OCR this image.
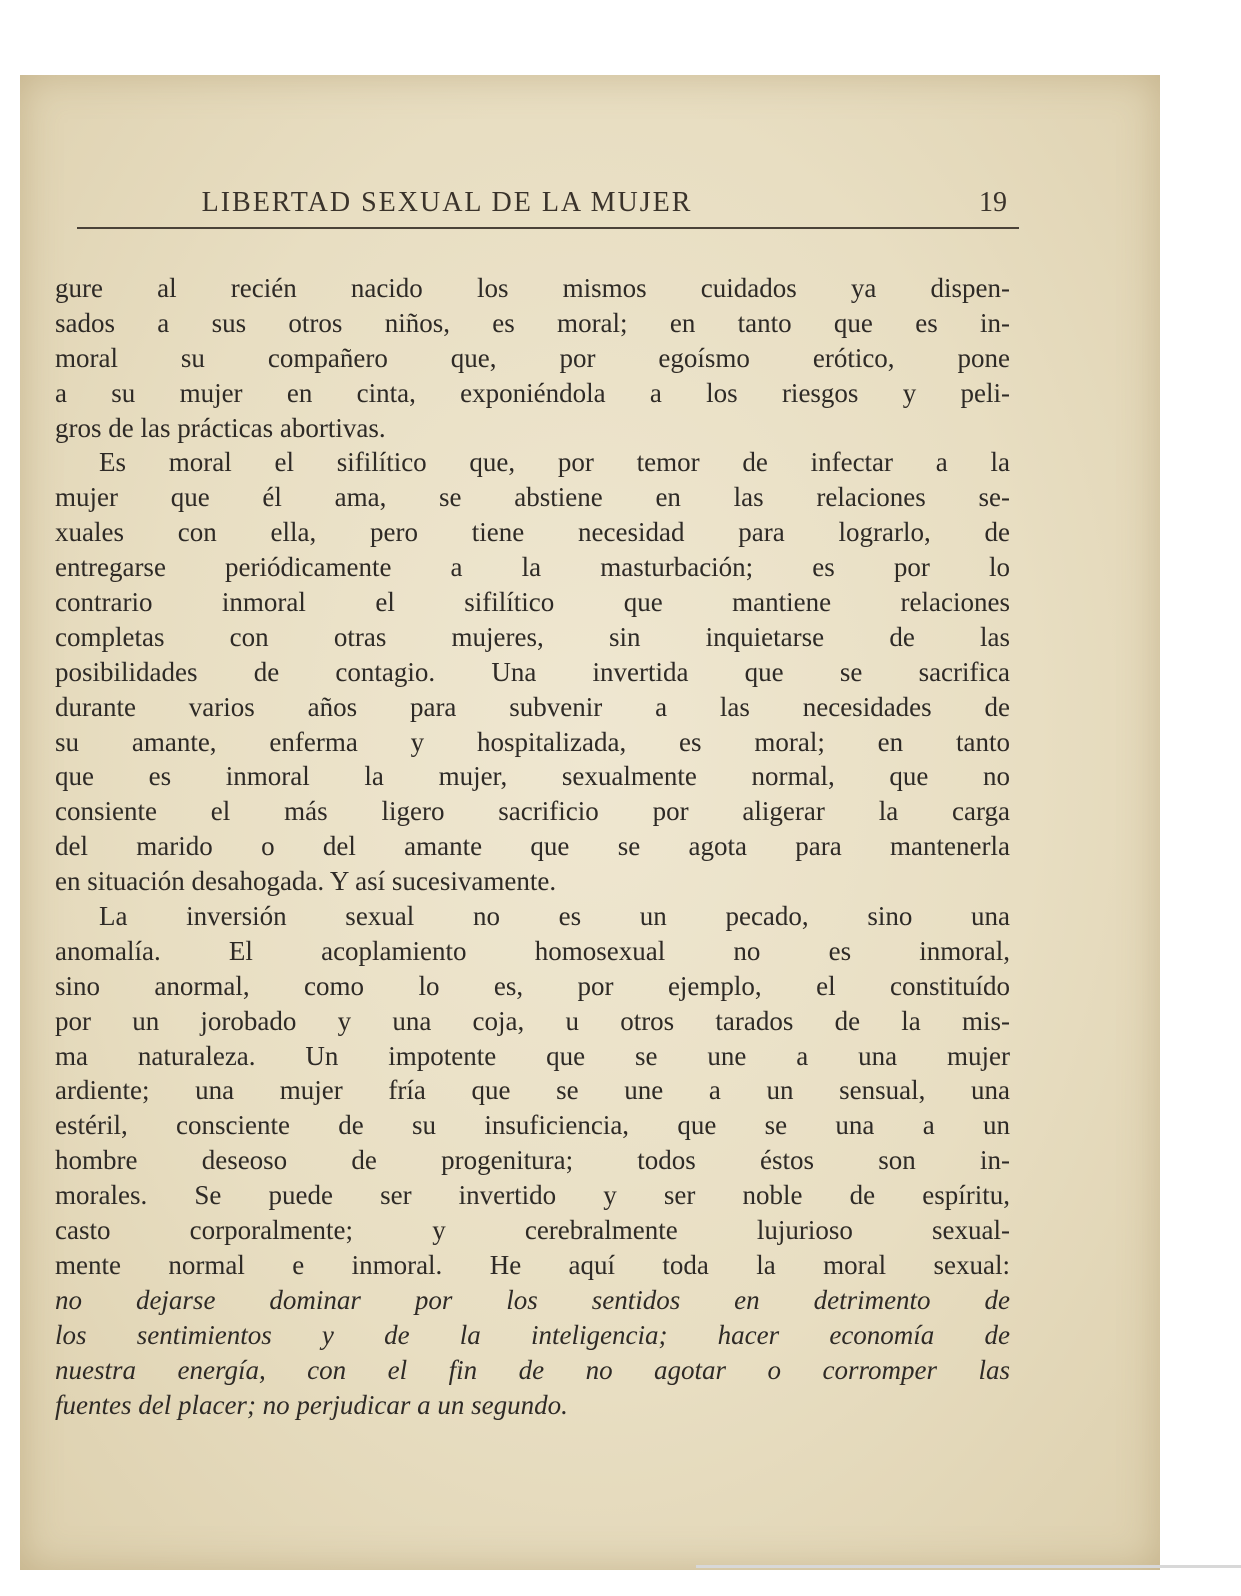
LIBERTAD SEXUAL DE LA MUJER	19
gure al recién nacido los mismos cuidados ya dispen-
sados a sus otros niños, es moral; en tanto que es in-
moral su compañero que, por egoísmo erótico, pone
a su mujer en cinta, exponiéndola a los riesgos y peli-
gros de las prácticas abortivas.
Es moral el sifilítico que, por temor de infectar a la
mujer que él ama, se abstiene en las relaciones se-
xuales con ella, pero tiene necesidad para lograrlo, de
entregarse periódicamente a la masturbación; es por lo
contrario inmoral el sifilítico que mantiene relaciones
completas con otras mujeres, sin inquietarse de las
posibilidades de contagio. Una invertida que se sacrifica
durante varios años para subvenir a las necesidades de
su amante, enferma y hospitalizada, es moral; en tanto
que es inmoral la mujer, sexualmente normal, que no
consiente el más ligero sacrificio por aligerar la carga
del marido o del amante que se agota para mantenerla
en situación desahogada. Y así sucesivamente.
La inversión sexual no es un pecado, sino una
anomalía. El acoplamiento homosexual no es inmoral,
sino anormal, como lo es, por ejemplo, el constituído
por un jorobado y una coja, u otros tarados de la mis-
ma naturaleza. Un impotente que se une a una mujer
ardiente; una mujer fría que se une a un sensual, una
estéril, consciente de su insuficiencia, que se una a un
hombre deseoso de progenitura; todos éstos son in-
morales. Se puede ser invertido y ser noble de espíritu,
casto corporalmente; y cerebralmente lujurioso sexual-
mente normal e inmoral. He aquí toda la moral sexual:
no dejarse dominar por los sentidos en detrimento de
los sentimientos y de la inteligencia; hacer economía de
nuestra energía, con el fin de no agotar o corromper las
fuentes del placer; no perjudicar a un segundo.
